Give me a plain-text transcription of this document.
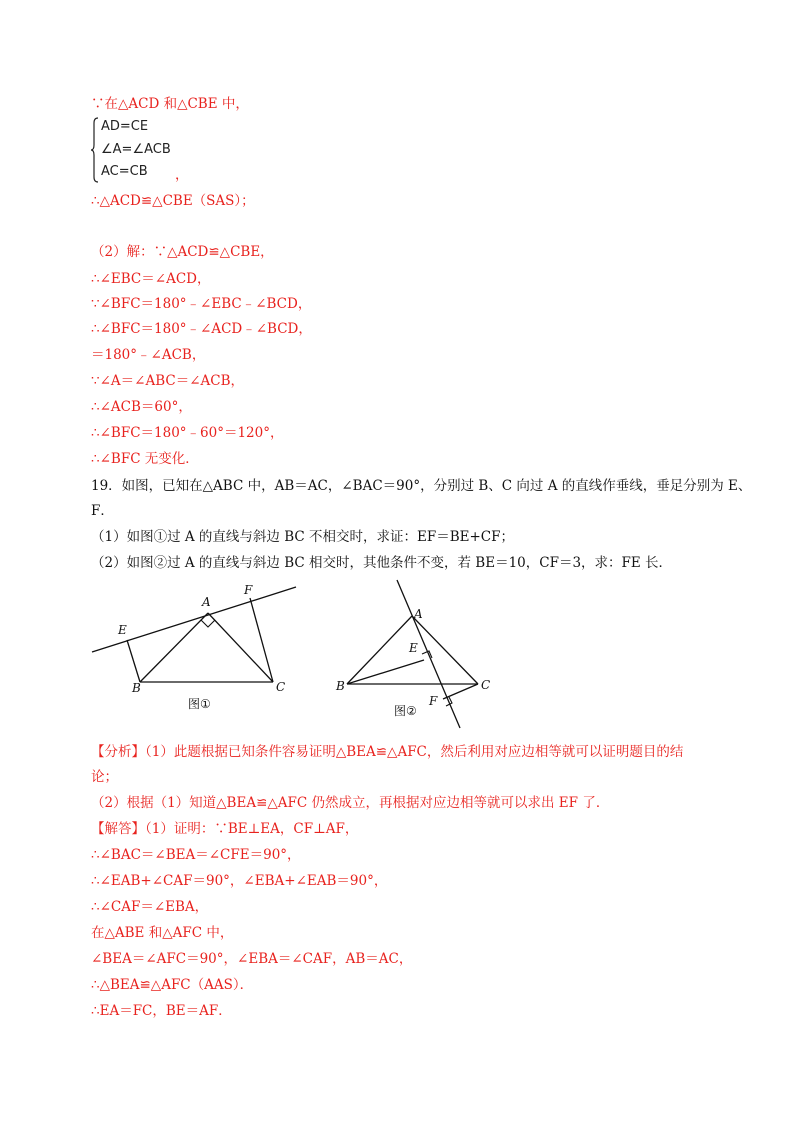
∵在△ACD 和△CBE 中，
AD=CE
∠A=∠ACB
AC=CB ，
∴△ACD≌△CBE（SAS）；
（2）解：∵△ACD≌△CBE，
∴∠EBC＝∠ACD，
∵∠BFC＝180°﹣∠EBC﹣∠BCD，
∴∠BFC＝180°﹣∠ACD﹣∠BCD，
＝180°﹣∠ACB，
∵∠A＝∠ABC＝∠ACB，
∴∠ACB＝60°，
∴∠BFC＝180°﹣60°＝120°，
∴∠BFC 无变化．
19．如图，已知在△ABC 中，AB＝AC，∠BAC＝90°，分别过 B、C 向过 A 的直线作垂线，垂足分别为 E、
F．
（1）如图①过 A 的直线与斜边 BC 不相交时，求证：EF＝BE+CF；
（2）如图②过 A 的直线与斜边 BC 相交时，其他条件不变，若 BE＝10，CF＝3，求：FE 长．
A
F
E
B	C
图①
A
E
B	C
F
图②
【分析】（1）此题根据已知条件容易证明△BEA≌△AFC，然后利用对应边相等就可以证明题目的结
论；
（2）根据（1）知道△BEA≌△AFC 仍然成立，再根据对应边相等就可以求出 EF 了．
【解答】（1）证明：∵BE⊥EA，CF⊥AF，
∴∠BAC＝∠BEA＝∠CFE＝90°，
∴∠EAB+∠CAF＝90°，∠EBA+∠EAB＝90°，
∴∠CAF＝∠EBA，
在△ABE 和△AFC 中，
∠BEA＝∠AFC＝90°，∠EBA＝∠CAF，AB＝AC，
∴△BEA≌△AFC（AAS）．
∴EA＝FC，BE＝AF．
